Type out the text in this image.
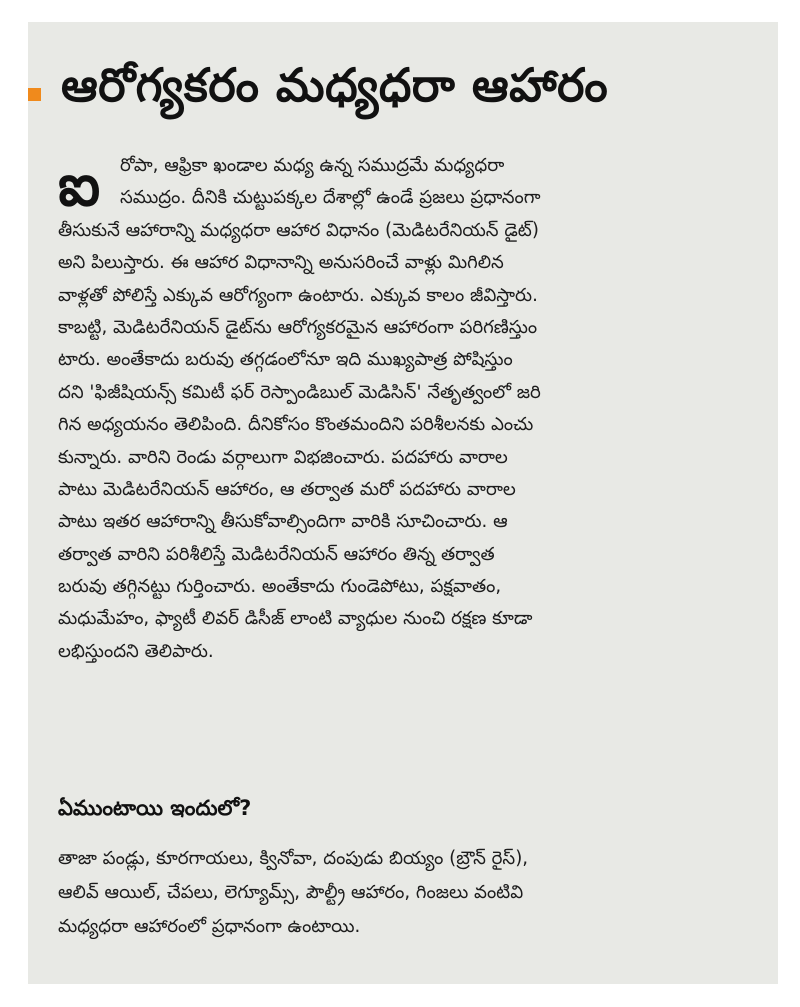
ఆరోగ్యకరం మధ్యధరా ఆహారం
ఐ	రోపా, ఆఫ్రికా ఖండాల మధ్య ఉన్న సముద్రమే మధ్యధరా
సముద్రం. దీనికి చుట్టుపక్కల దేశాల్లో ఉండే ప్రజలు ప్రధానంగా
తీసుకునే ఆహారాన్ని మధ్యధరా ఆహార విధానం (మెడిటరేనియన్ డైట్)
అని పిలుస్తారు. ఈ ఆహార విధానాన్ని అనుసరించే వాళ్లు మిగిలిన
వాళ్లతో పోలిస్తే ఎక్కువ ఆరోగ్యంగా ఉంటారు. ఎక్కువ కాలం జీవిస్తారు.
కాబట్టి, మెడిటరేనియన్ డైట్‌ను ఆరోగ్యకరమైన ఆహారంగా పరిగణిస్తుం
టారు. అంతేకాదు బరువు తగ్గడంలోనూ ఇది ముఖ్యపాత్ర పోషిస్తుం
దని 'ఫిజీషియన్స్ కమిటీ ఫర్ రెస్పాండిబుల్ మెడిసిన్' నేతృత్వంలో జరి
గిన అధ్యయనం తెలిపింది. దీనికోసం కొంతమందిని పరిశీలనకు ఎంచు
కున్నారు. వారిని రెండు వర్గాలుగా విభజించారు. పదహారు వారాల
పాటు మెడిటరేనియన్ ఆహారం, ఆ తర్వాత మరో పదహారు వారాల
పాటు ఇతర ఆహారాన్ని తీసుకోవాల్సిందిగా వారికి సూచించారు. ఆ
తర్వాత వారిని పరిశీలిస్తే మెడిటరేనియన్ ఆహారం తిన్న తర్వాత
బరువు తగ్గినట్టు గుర్తించారు. అంతేకాదు గుండెపోటు, పక్షవాతం,
మధుమేహం, ఫ్యాటీ లివర్ డిసీజ్ లాంటి వ్యాధుల నుంచి రక్షణ కూడా
లభిస్తుందని తెలిపారు.
ఏముంటాయి ఇందులో?
తాజా పండ్లు, కూరగాయలు, క్వినోవా, దంపుడు బియ్యం (బ్రౌన్ రైస్),
ఆలివ్ ఆయిల్, చేపలు, లెగ్యూమ్స్, పౌల్ట్రీ ఆహారం, గింజలు వంటివి
మధ్యధరా ఆహారంలో ప్రధానంగా ఉంటాయి.
